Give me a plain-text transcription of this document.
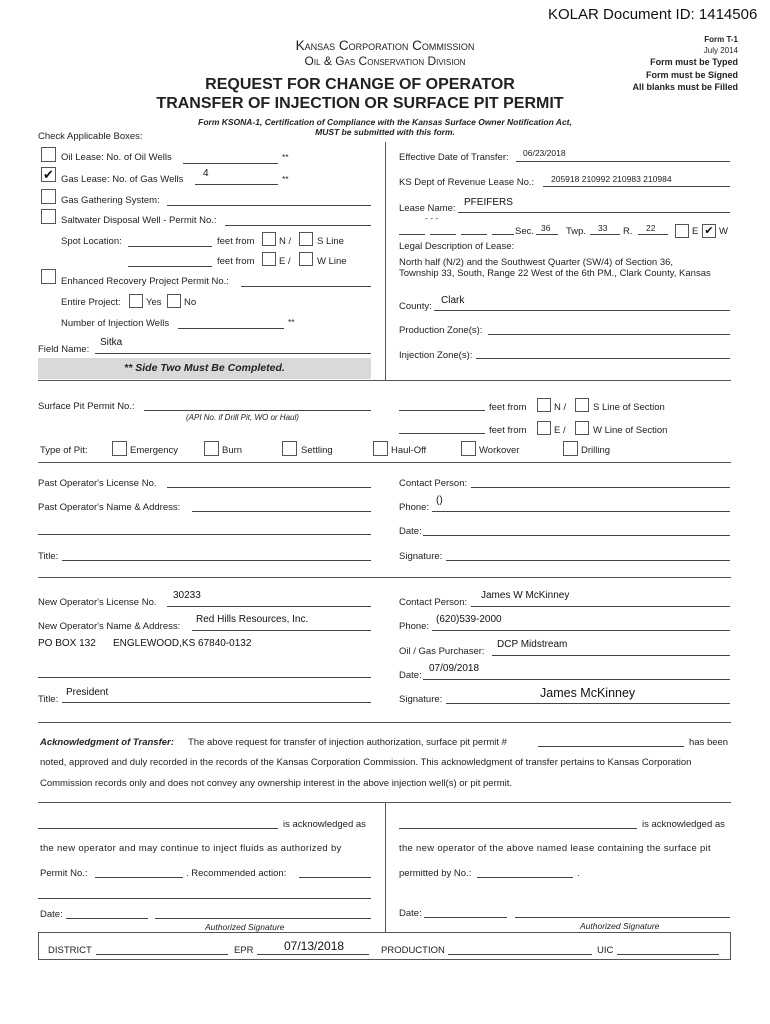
KOLAR Document ID: 1414506
Kansas Corporation Commission
Oil & Gas Conservation Division
REQUEST FOR CHANGE OF OPERATOR
TRANSFER OF INJECTION OR SURFACE PIT PERMIT
Form T-1
July 2014
Form must be Typed
Form must be Signed
All blanks must be Filled
Form KSONA-1, Certification of Compliance with the Kansas Surface Owner Notification Act,
MUST be submitted with this form.
Check Applicable Boxes:
Oil Lease: No. of Oil Wells	**
✔ Gas Lease: No. of Gas Wells
4	**
Gas Gathering System:
Saltwater Disposal Well - Permit No.:
Spot Location:	feet from	N /	S Line
feet from	E /	W Line
Enhanced Recovery Project Permit No.:
Entire Project:	Yes No
Number of Injection Wells	**
Field Name:
Sitka
** Side Two Must Be Completed.
Effective Date of Transfer: 06/23/2018
KS Dept of Revenue Lease No.: 205918 210992 210983 210984
Lease Name:
PFEIFERS
- - -
Sec. 36 Twp. 33 R. 22	E ✔ W
Legal Description of Lease:
North half (N/2) and the Southwest Quarter (SW/4) of Section 36,
Township 33, South, Range 22 West of the 6th PM., Clark County, Kansas
County:
Clark
Production Zone(s):
Injection Zone(s):
Surface Pit Permit No.:
(API No. if Drill Pit, WO or Haul)
feet from	N /	S Line of Section
feet from	E /	W Line of Section
Type of Pit:	Emergency	Burn	Settling	Haul-Off	Workover	Drilling
Past Operator's License No.
Past Operator's Name & Address:
Title:
Contact Person:
Phone:
()
Date:
Signature:
New Operator's License No.
30233
New Operator's Name & Address:
Red Hills Resources, Inc.
PO BOX 132 ENGLEWOOD,KS 67840-0132
Title:
President
Contact Person:
James W McKinney
Phone:
(620)539-2000
Oil / Gas Purchaser:
DCP Midstream
Date:
07/09/2018
Signature:	James McKinney
Acknowledgment of Transfer: The above request for transfer of injection authorization, surface pit permit #	has been
noted, approved and duly recorded in the records of the Kansas Corporation Commission. This acknowledgment of transfer pertains to Kansas Corporation
Commission records only and does not convey any ownership interest in the above injection well(s) or pit permit.
is acknowledged as
the new operator and may continue to inject fluids as authorized by
Permit No.:	. Recommended action:
Date:
Authorized Signature
is acknowledged as
the new operator of the above named lease containing the surface pit
permitted by No.:	.
Date:
Authorized Signature
DISTRICT	EPR	07/13/2018	PRODUCTION	UIC
